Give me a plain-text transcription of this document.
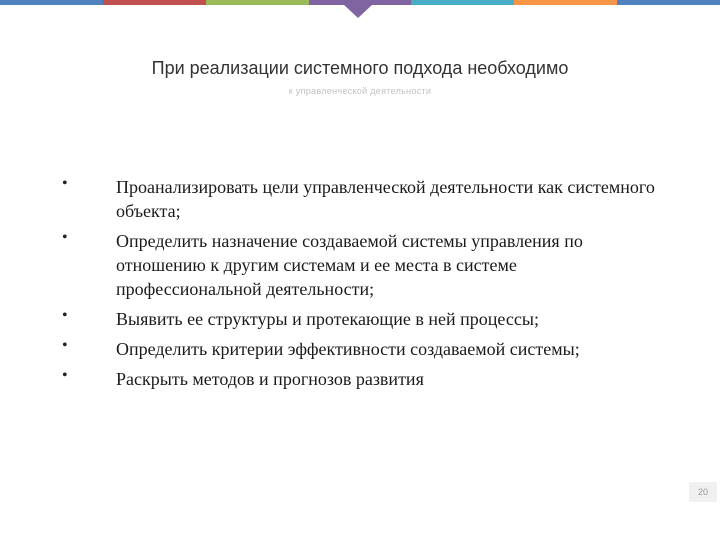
При реализации системного подхода необходимо
к управленческой деятельности
•	Проанализировать цели управленческой деятельности как системного объекта;
•	Определить назначение создаваемой системы управления по отношению к другим системам и ее места в системе профессиональной деятельности;
•	Выявить ее структуры и протекающие в ней процессы;
•	Определить критерии эффективности создаваемой системы;
•	Раскрыть методов и прогнозов развития
20
